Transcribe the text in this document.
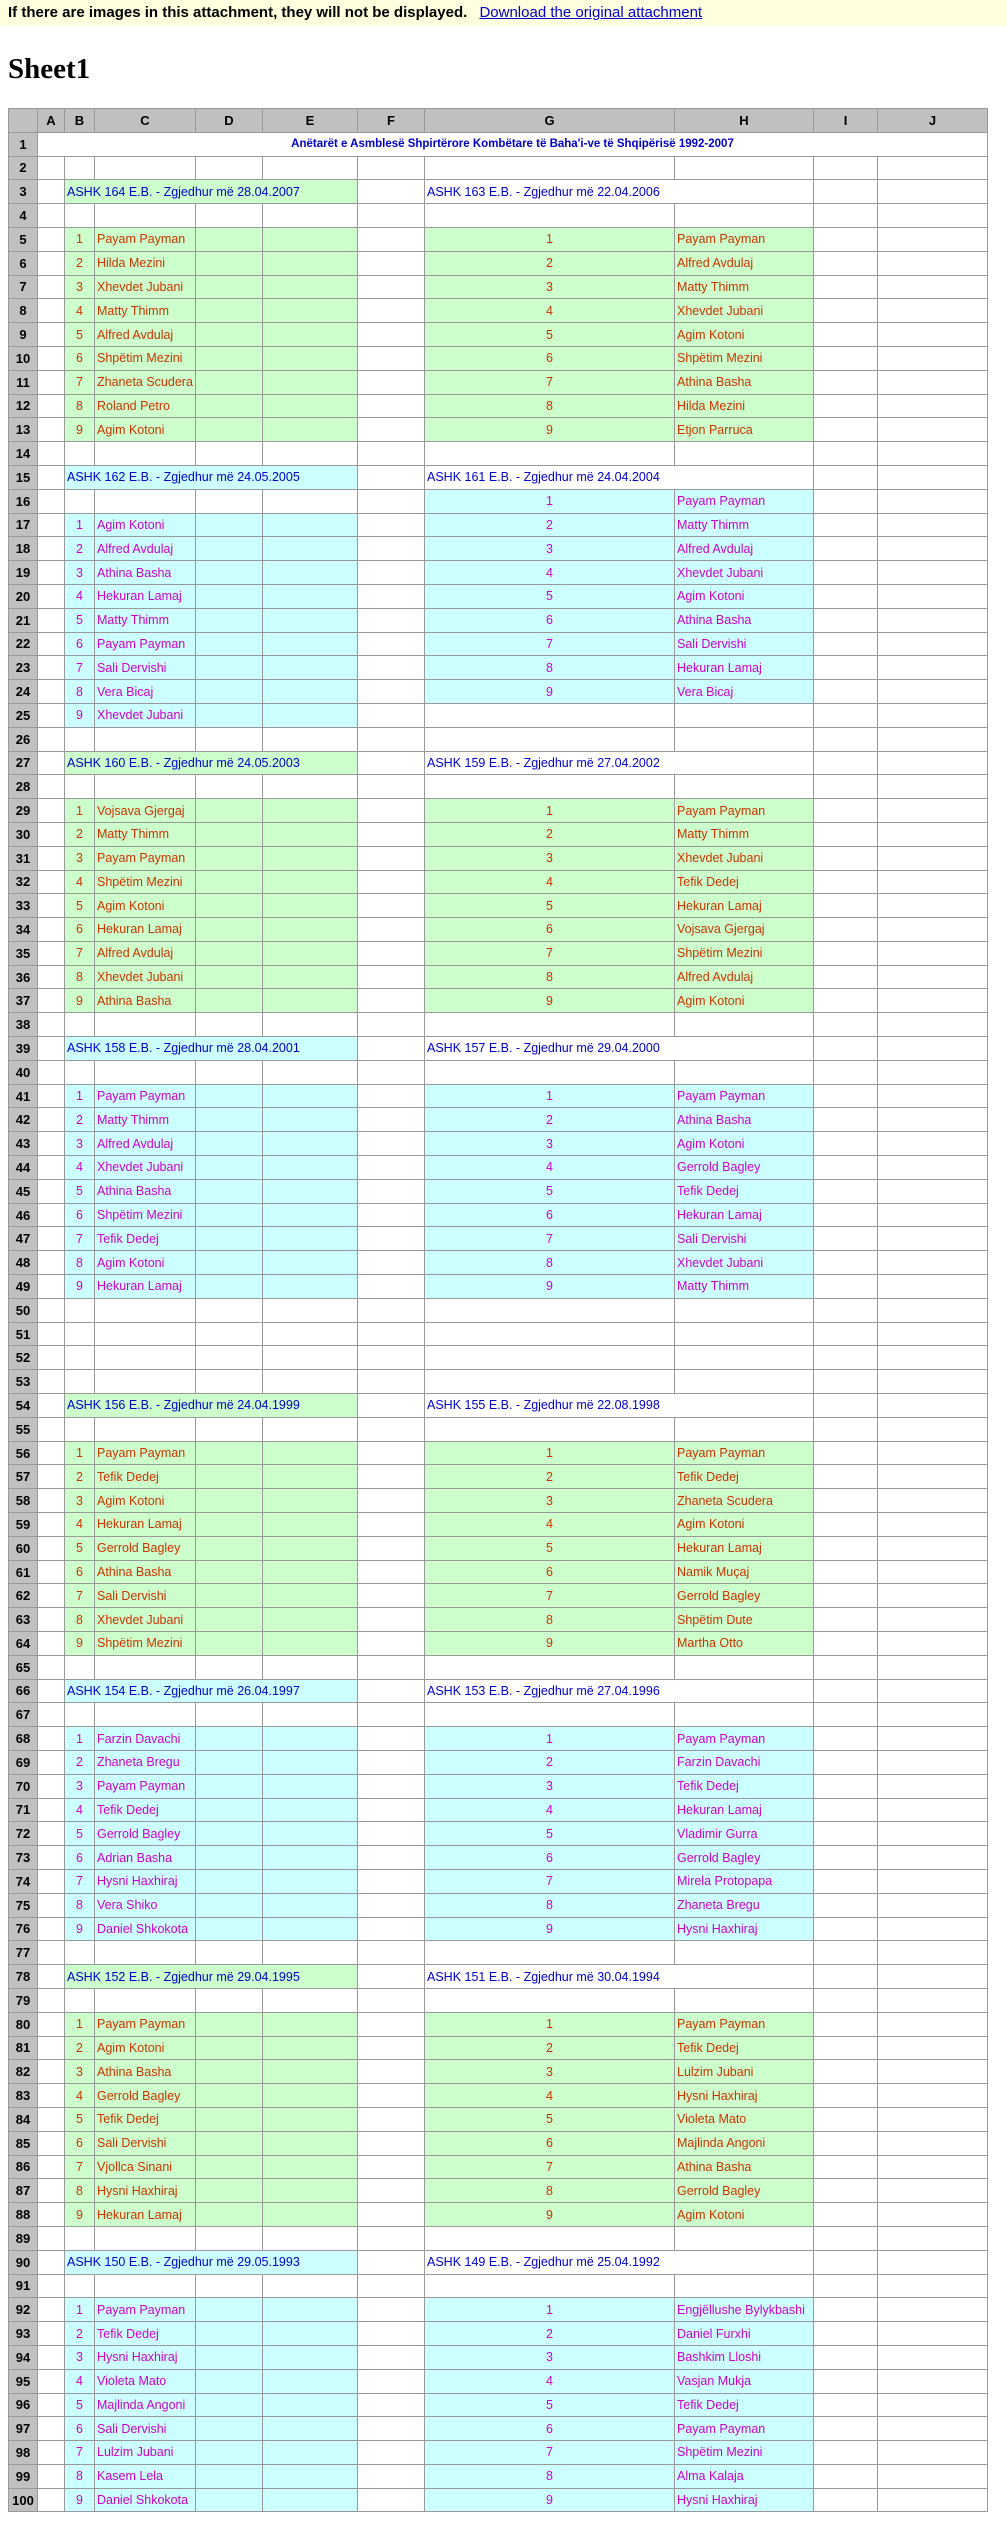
If there are images in this attachment, they will not be displayed. Download the original attachment
Sheet1
	A	B	C	D	E	F	G	H	I	J
1	Anëtarët e Asmblesë Shpirtërore Kombëtare të Baha'i-ve të Shqipërisë 1992-2007									
2										
3		ASHK 164 E.B. - Zgjedhur më 28.04.2007					ASHK 163 E.B. - Zgjedhur më 22.04.2006			
4										
5		1	Payam Payman				1	Payam Payman		
6		2	Hilda Mezini				2	Alfred Avdulaj		
7		3	Xhevdet Jubani				3	Matty Thimm		
8		4	Matty Thimm				4	Xhevdet Jubani		
9		5	Alfred Avdulaj				5	Agim Kotoni		
10		6	Shpëtim Mezini				6	Shpëtim Mezini		
11		7	Zhaneta Scudera				7	Athina Basha		
12		8	Roland Petro				8	Hilda Mezini		
13		9	Agim Kotoni				9	Etjon Parruca		
14										
15		ASHK 162 E.B. - Zgjedhur më 24.05.2005					ASHK 161 E.B. - Zgjedhur më 24.04.2004			
16							1	Payam Payman		
17		1	Agim Kotoni				2	Matty Thimm		
18		2	Alfred Avdulaj				3	Alfred Avdulaj		
19		3	Athina Basha				4	Xhevdet Jubani		
20		4	Hekuran Lamaj				5	Agim Kotoni		
21		5	Matty Thimm				6	Athina Basha		
22		6	Payam Payman				7	Sali Dervishi		
23		7	Sali Dervishi				8	Hekuran Lamaj		
24		8	Vera Bicaj				9	Vera Bicaj		
25		9	Xhevdet Jubani							
26										
27		ASHK 160 E.B. - Zgjedhur më 24.05.2003					ASHK 159 E.B. - Zgjedhur më 27.04.2002			
28										
29		1	Vojsava Gjergaj				1	Payam Payman		
30		2	Matty Thimm				2	Matty Thimm		
31		3	Payam Payman				3	Xhevdet Jubani		
32		4	Shpëtim Mezini				4	Tefik Dedej		
33		5	Agim Kotoni				5	Hekuran Lamaj		
34		6	Hekuran Lamaj				6	Vojsava Gjergaj		
35		7	Alfred Avdulaj				7	Shpëtim Mezini		
36		8	Xhevdet Jubani				8	Alfred Avdulaj		
37		9	Athina Basha				9	Agim Kotoni		
38										
39		ASHK 158 E.B. - Zgjedhur më 28.04.2001					ASHK 157 E.B. - Zgjedhur më 29.04.2000			
40										
41		1	Payam Payman				1	Payam Payman		
42		2	Matty Thimm				2	Athina Basha		
43		3	Alfred Avdulaj				3	Agim Kotoni		
44		4	Xhevdet Jubani				4	Gerrold Bagley		
45		5	Athina Basha				5	Tefik Dedej		
46		6	Shpëtim Mezini				6	Hekuran Lamaj		
47		7	Tefik Dedej				7	Sali Dervishi		
48		8	Agim Kotoni				8	Xhevdet Jubani		
49		9	Hekuran Lamaj				9	Matty Thimm		
50										
51										
52										
53										
54		ASHK 156 E.B. - Zgjedhur më 24.04.1999					ASHK 155 E.B. - Zgjedhur më 22.08.1998			
55										
56		1	Payam Payman				1	Payam Payman		
57		2	Tefik Dedej				2	Tefik Dedej		
58		3	Agim Kotoni				3	Zhaneta Scudera		
59		4	Hekuran Lamaj				4	Agim Kotoni		
60		5	Gerrold Bagley				5	Hekuran Lamaj		
61		6	Athina Basha				6	Namik Muçaj		
62		7	Sali Dervishi				7	Gerrold Bagley		
63		8	Xhevdet Jubani				8	Shpëtim Dute		
64		9	Shpëtim Mezini				9	Martha Otto		
65										
66		ASHK 154 E.B. - Zgjedhur më 26.04.1997					ASHK 153 E.B. - Zgjedhur më 27.04.1996			
67										
68		1	Farzin Davachi				1	Payam Payman		
69		2	Zhaneta Bregu				2	Farzin Davachi		
70		3	Payam Payman				3	Tefik Dedej		
71		4	Tefik Dedej				4	Hekuran Lamaj		
72		5	Gerrold Bagley				5	Vladimir Gurra		
73		6	Adrian Basha				6	Gerrold Bagley		
74		7	Hysni Haxhiraj				7	Mirela Protopapa		
75		8	Vera Shiko				8	Zhaneta Bregu		
76		9	Daniel Shkokota				9	Hysni Haxhiraj		
77										
78		ASHK 152 E.B. - Zgjedhur më 29.04.1995					ASHK 151 E.B. - Zgjedhur më 30.04.1994			
79										
80		1	Payam Payman				1	Payam Payman		
81		2	Agim Kotoni				2	Tefik Dedej		
82		3	Athina Basha				3	Lulzim Jubani		
83		4	Gerrold Bagley				4	Hysni Haxhiraj		
84		5	Tefik Dedej				5	Violeta Mato		
85		6	Sali Dervishi				6	Majlinda Angoni		
86		7	Vjollca Sinani				7	Athina Basha		
87		8	Hysni Haxhiraj				8	Gerrold Bagley		
88		9	Hekuran Lamaj				9	Agim Kotoni		
89										
90		ASHK 150 E.B. - Zgjedhur më 29.05.1993					ASHK 149 E.B. - Zgjedhur më 25.04.1992			
91										
92		1	Payam Payman				1	Engjëllushe Bylykbashi		
93		2	Tefik Dedej				2	Daniel Furxhi		
94		3	Hysni Haxhiraj				3	Bashkim Lloshi		
95		4	Violeta Mato				4	Vasjan Mukja		
96		5	Majlinda Angoni				5	Tefik Dedej		
97		6	Sali Dervishi				6	Payam Payman		
98		7	Lulzim Jubani				7	Shpëtim Mezini		
99		8	Kasem Lela				8	Alma Kalaja		
100		9	Daniel Shkokota				9	Hysni Haxhiraj		
